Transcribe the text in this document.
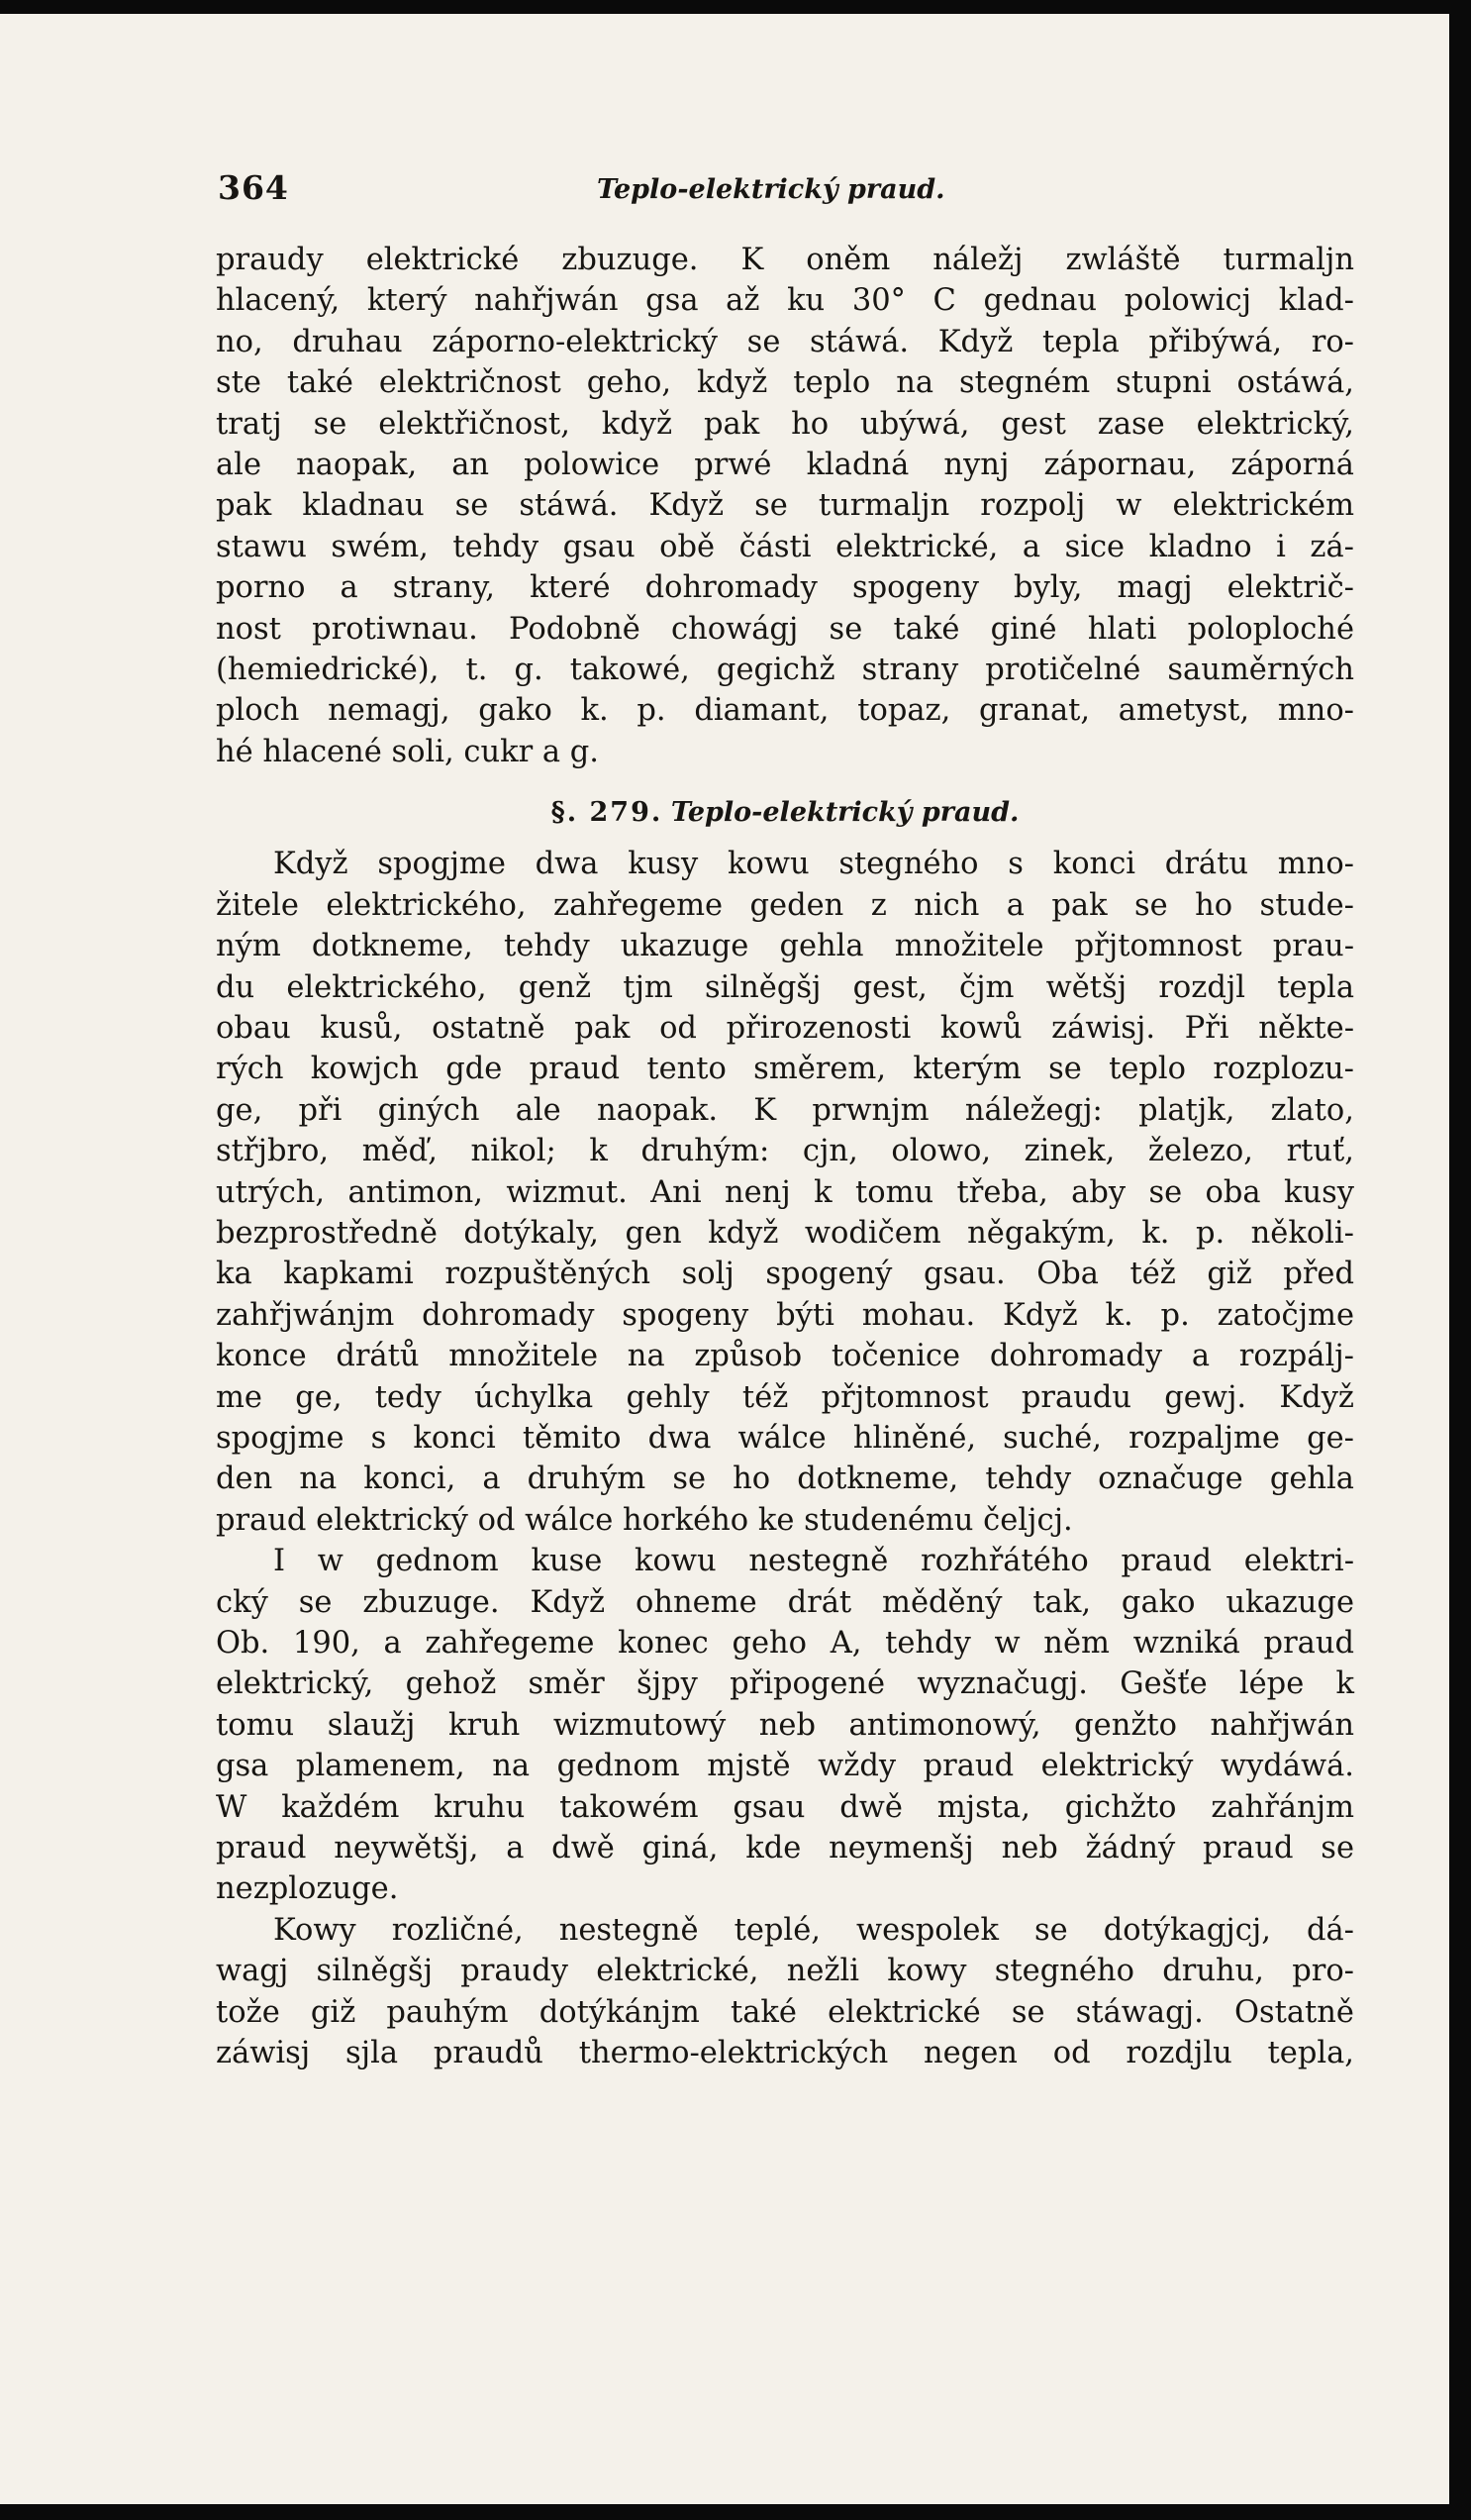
364	Teplo-elektrický praud.

praudy elektrické zbuzuge. K oněm náležj zwláště turmaljn
hlacený, který nahřjwán gsa až ku 30° C gednau polowicj klad-
no, druhau záporno-elektrický se stáwá. Když tepla přibýwá, ro-
ste také električnost geho, když teplo na stegném stupni ostáwá,
tratj se elektřičnost, když pak ho ubýwá, gest zase elektrický,
ale naopak, an polowice prwé kladná nynj zápornau, záporná
pak kladnau se stáwá. Když se turmaljn rozpolj w elektrickém
stawu swém, tehdy gsau obě části elektrické, a sice kladno i zá-
porno a strany, které dohromady spogeny byly, magj električ-
nost protiwnau. Podobně chowágj se také giné hlati poloploché
(hemiedrické), t. g. takowé, gegichž strany protičelné sauměrných
ploch nemagj, gako k. p. diamant, topaz, granat, ametyst, mno-
hé hlacené soli, cukr a g.

§. 279. Teplo-elektrický praud.

Když spogjme dwa kusy kowu stegného s konci drátu mno-
žitele elektrického, zahřegeme geden z nich a pak se ho stude-
ným dotkneme, tehdy ukazuge gehla množitele přjtomnost prau-
du elektrického, genž tjm silněgšj gest, čjm wětšj rozdjl tepla
obau kusů, ostatně pak od přirozenosti kowů záwisj. Při někte-
rých kowjch gde praud tento směrem, kterým se teplo rozplozu-
ge, při giných ale naopak. K prwnjm náležegj: platjk, zlato,
střjbro, měď, nikol; k druhým: cjn, olowo, zinek, železo, rtuť,
utrých, antimon, wizmut. Ani nenj k tomu třeba, aby se oba kusy
bezprostředně dotýkaly, gen když wodičem něgakým, k. p. několi-
ka kapkami rozpuštěných solj spogený gsau. Oba též giž před
zahřjwánjm dohromady spogeny býti mohau. Když k. p. zatočjme
konce drátů množitele na způsob točenice dohromady a rozpálj-
me ge, tedy úchylka gehly též přjtomnost praudu gewj. Když
spogjme s konci těmito dwa wálce hliněné, suché, rozpaljme ge-
den na konci, a druhým se ho dotkneme, tehdy označuge gehla
praud elektrický od wálce horkého ke studenému čeljcj.

I w gednom kuse kowu nestegně rozhřátého praud elektri-
cký se zbuzuge. Když ohneme drát měděný tak, gako ukazuge
Ob. 190, a zahřegeme konec geho A, tehdy w něm wzniká praud
elektrický, gehož směr šjpy připogené wyznačugj. Gešťe lépe k
tomu slaužj kruh wizmutowý neb antimonowý, genžto nahřjwán
gsa plamenem, na gednom mjstě wždy praud elektrický wydáwá.
W každém kruhu takowém gsau dwě mjsta, gichžto zahřánjm
praud neywětšj, a dwě giná, kde neymenšj neb žádný praud se
nezplozuge.

Kowy rozličné, nestegně teplé, wespolek se dotýkagjcj, dá-
wagj silněgšj praudy elektrické, nežli kowy stegného druhu, pro-
tože giž pauhým dotýkánjm také elektrické se stáwagj. Ostatně
záwisj sjla praudů thermo-elektrických negen od rozdjlu tepla,
